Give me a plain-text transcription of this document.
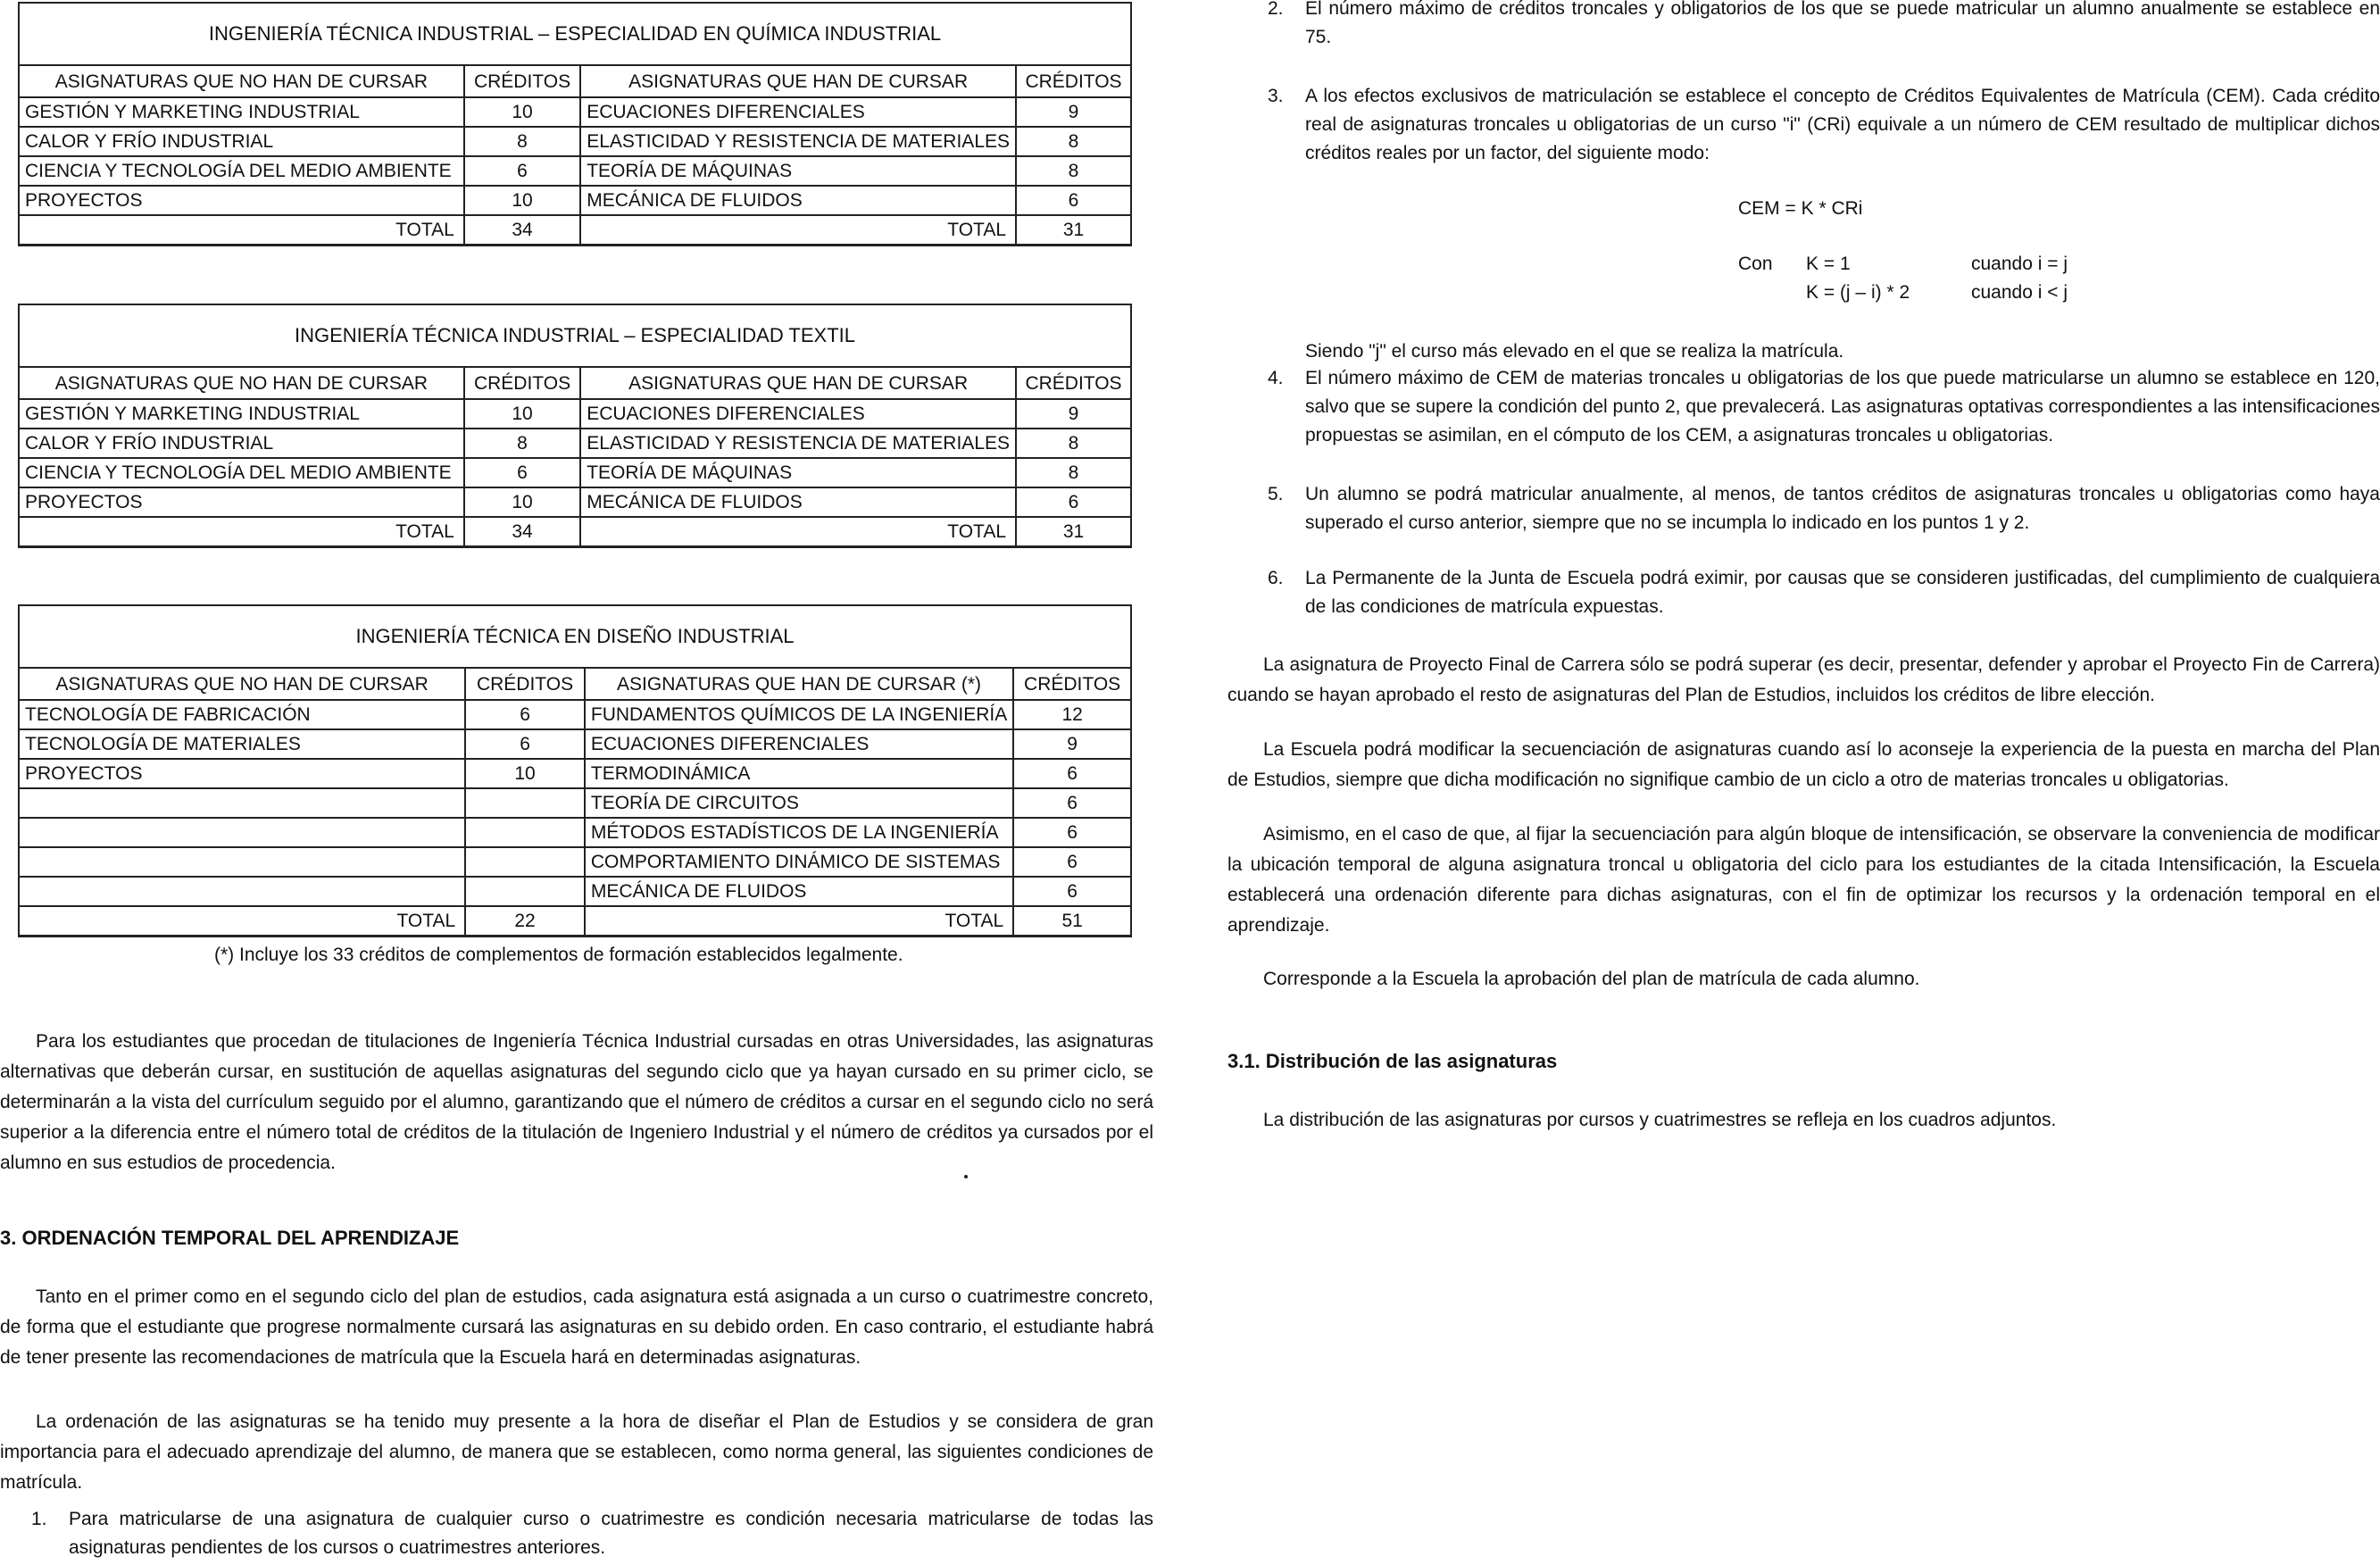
INGENIERÍA TÉCNICA INDUSTRIAL – ESPECIALIDAD EN QUÍMICA INDUSTRIAL			
ASIGNATURAS QUE NO HAN DE CURSAR	CRÉDITOS	ASIGNATURAS QUE HAN DE CURSAR	CRÉDITOS
GESTIÓN Y MARKETING INDUSTRIAL	10	ECUACIONES DIFERENCIALES	9
CALOR Y FRÍO INDUSTRIAL	8	ELASTICIDAD Y RESISTENCIA DE MATERIALES	8
CIENCIA Y TECNOLOGÍA DEL MEDIO AMBIENTE	6	TEORÍA DE MÁQUINAS	8
PROYECTOS	10	MECÁNICA DE FLUIDOS	6
TOTAL	34	TOTAL	31
INGENIERÍA TÉCNICA INDUSTRIAL – ESPECIALIDAD TEXTIL			
ASIGNATURAS QUE NO HAN DE CURSAR	CRÉDITOS	ASIGNATURAS QUE HAN DE CURSAR	CRÉDITOS
GESTIÓN Y MARKETING INDUSTRIAL	10	ECUACIONES DIFERENCIALES	9
CALOR Y FRÍO INDUSTRIAL	8	ELASTICIDAD Y RESISTENCIA DE MATERIALES	8
CIENCIA Y TECNOLOGÍA DEL MEDIO AMBIENTE	6	TEORÍA DE MÁQUINAS	8
PROYECTOS	10	MECÁNICA DE FLUIDOS	6
TOTAL	34	TOTAL	31
INGENIERÍA TÉCNICA EN DISEÑO INDUSTRIAL			
ASIGNATURAS QUE NO HAN DE CURSAR	CRÉDITOS	ASIGNATURAS QUE HAN DE CURSAR (*)	CRÉDITOS
TECNOLOGÍA DE FABRICACIÓN	6	FUNDAMENTOS QUÍMICOS DE LA INGENIERÍA	12
TECNOLOGÍA DE MATERIALES	6	ECUACIONES DIFERENCIALES	9
PROYECTOS	10	TERMODINÁMICA	6
		TEORÍA DE CIRCUITOS	6
		MÉTODOS ESTADÍSTICOS DE LA INGENIERÍA	6
		COMPORTAMIENTO DINÁMICO DE SISTEMAS	6
		MECÁNICA DE FLUIDOS	6
TOTAL	22	TOTAL	51
(*) Incluye los 33 créditos de complementos de formación establecidos legalmente.

Para los estudiantes que procedan de titulaciones de Ingeniería Técnica Industrial cursadas en otras Universidades, las asignaturas alternativas que deberán cursar, en sustitución de aquellas asignaturas del segundo ciclo que ya hayan cursado en su primer ciclo, se determinarán a la vista del currículum seguido por el alumno, garantizando que el número de créditos a cursar en el segundo ciclo no será superior a la diferencia entre el número total de créditos de la titulación de Ingeniero Industrial y el número de créditos ya cursados por el alumno en sus estudios de procedencia.

3. ORDENACIÓN TEMPORAL DEL APRENDIZAJE

Tanto en el primer como en el segundo ciclo del plan de estudios, cada asignatura está asignada a un curso o cuatrimestre concreto, de forma que el estudiante que progrese normalmente cursará las asignaturas en su debido orden. En caso contrario, el estudiante habrá de tener presente las recomendaciones de matrícula que la Escuela hará en determinadas asignaturas.

La ordenación de las asignaturas se ha tenido muy presente a la hora de diseñar el Plan de Estudios y se considera de gran importancia para el adecuado aprendizaje del alumno, de manera que se establecen, como norma general, las siguientes condiciones de matrícula.

1. Para matricularse de una asignatura de cualquier curso o cuatrimestre es condición necesaria matricularse de todas las asignaturas pendientes de los cursos o cuatrimestres anteriores.
2. El número máximo de créditos troncales y obligatorios de los que se puede matricular un alumno anualmente se establece en 75.
3. A los efectos exclusivos de matriculación se establece el concepto de Créditos Equivalentes de Matrícula (CEM). Cada crédito real de asignaturas troncales u obligatorias de un curso "i" (CRi) equivale a un número de CEM resultado de multiplicar dichos créditos reales por un factor, del siguiente modo:
CEM = K * CRi
Con K = 1	cuando i = j
K = (j – i) * 2	cuando i < j
Siendo "j" el curso más elevado en el que se realiza la matrícula.
4. El número máximo de CEM de materias troncales u obligatorias de los que puede matricularse un alumno se establece en 120, salvo que se supere la condición del punto 2, que prevalecerá. Las asignaturas optativas correspondientes a las intensificaciones propuestas se asimilan, en el cómputo de los CEM, a asignaturas troncales u obligatorias.
5. Un alumno se podrá matricular anualmente, al menos, de tantos créditos de asignaturas troncales u obligatorias como haya superado el curso anterior, siempre que no se incumpla lo indicado en los puntos 1 y 2.
6. La Permanente de la Junta de Escuela podrá eximir, por causas que se consideren justificadas, del cumplimiento de cualquiera de las condiciones de matrícula expuestas.

La asignatura de Proyecto Final de Carrera sólo se podrá superar (es decir, presentar, defender y aprobar el Proyecto Fin de Carrera) cuando se hayan aprobado el resto de asignaturas del Plan de Estudios, incluidos los créditos de libre elección.

La Escuela podrá modificar la secuenciación de asignaturas cuando así lo aconseje la experiencia de la puesta en marcha del Plan de Estudios, siempre que dicha modificación no signifique cambio de un ciclo a otro de materias troncales u obligatorias.

Asimismo, en el caso de que, al fijar la secuenciación para algún bloque de intensificación, se observare la conveniencia de modificar la ubicación temporal de alguna asignatura troncal u obligatoria del ciclo para los estudiantes de la citada Intensificación, la Escuela establecerá una ordenación diferente para dichas asignaturas, con el fin de optimizar los recursos y la ordenación temporal en el aprendizaje.

Corresponde a la Escuela la aprobación del plan de matrícula de cada alumno.

3.1. Distribución de las asignaturas

La distribución de las asignaturas por cursos y cuatrimestres se refleja en los cuadros adjuntos.
